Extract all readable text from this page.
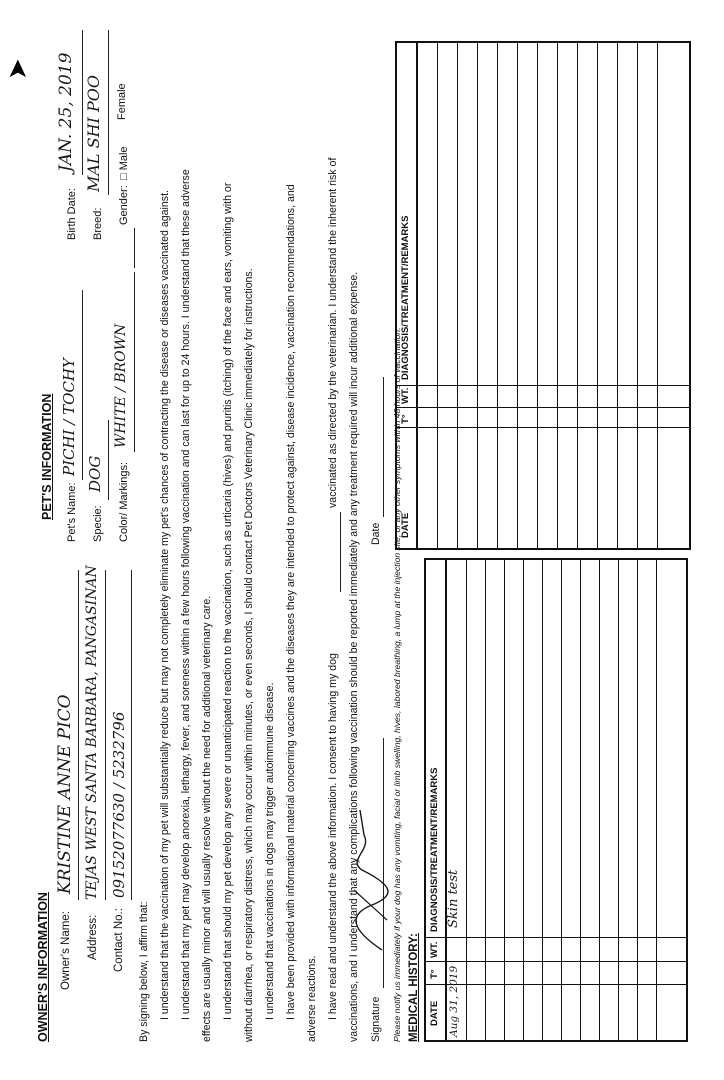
OWNER'S INFORMATION Owner's Name:
KRISTINE ANNE PICO
Address:
TEJAS WEST SANTA BARBARA, PANGASINAN
Contact No.:
09152077630 / 5232796
PET'S INFORMATION Pet's Name:
PICHI / TOCHY
Birth Date:
JAN. 25, 2019
Specie:
DOG
Breed:
MAL SHI POO
Color/ Markings:
WHITE / BROWN
Gender:
□ Male
Female
By signing below, I affirm that: I understand that the vaccination of my pet will substantially reduce but may not completely eliminate my pet's chances of contracting the disease or diseases vaccinated against. I understand that my pet may develop anorexia, lethargy, fever, and soreness within a few hours following vaccination and can last for up to 24 hours. I understand that these adverse effects are usually minor and will usually resolve without the need for additional veterinary care. I understand that should my pet develop any severe or unanticipated reaction to the vaccination, such as urticaria (hives) and pruritis (itching) of the face and ears, vomiting with or without diarrhea, or respiratory distress, which may occur within minutes, or even seconds, I should contact Pet Doctors Veterinary Clinic immediately for instructions. I understand that vaccinations in dogs may trigger autoimmune disease. I have been provided with informational material concerning vaccines and the diseases they are intended to protect against, disease incidence, vaccination recommendations, and adverse reactions. I have read and understand the above information. I consent to having my dog
vaccinated as directed by the veterinarian. I understand the inherent risk of vaccinations, and I understand that any complications following vaccination should be reported immediately and any treatment required will incur additional expense. Signature
Date Please notify us immediately if your dog has any vomiting, facial or limb swelling, hives, labored breathing, a lump at the injection site, or any other symptoms within 48 hours of vaccination. MEDICAL HISTORY: DATE
T°
WT.
DIAGNOSIS/TREATMENT/REMARKS
Aug 31, 2019
Skin test
DATE
T°
WT.
DIAGNOSIS/TREATMENT/REMARKS
➤
